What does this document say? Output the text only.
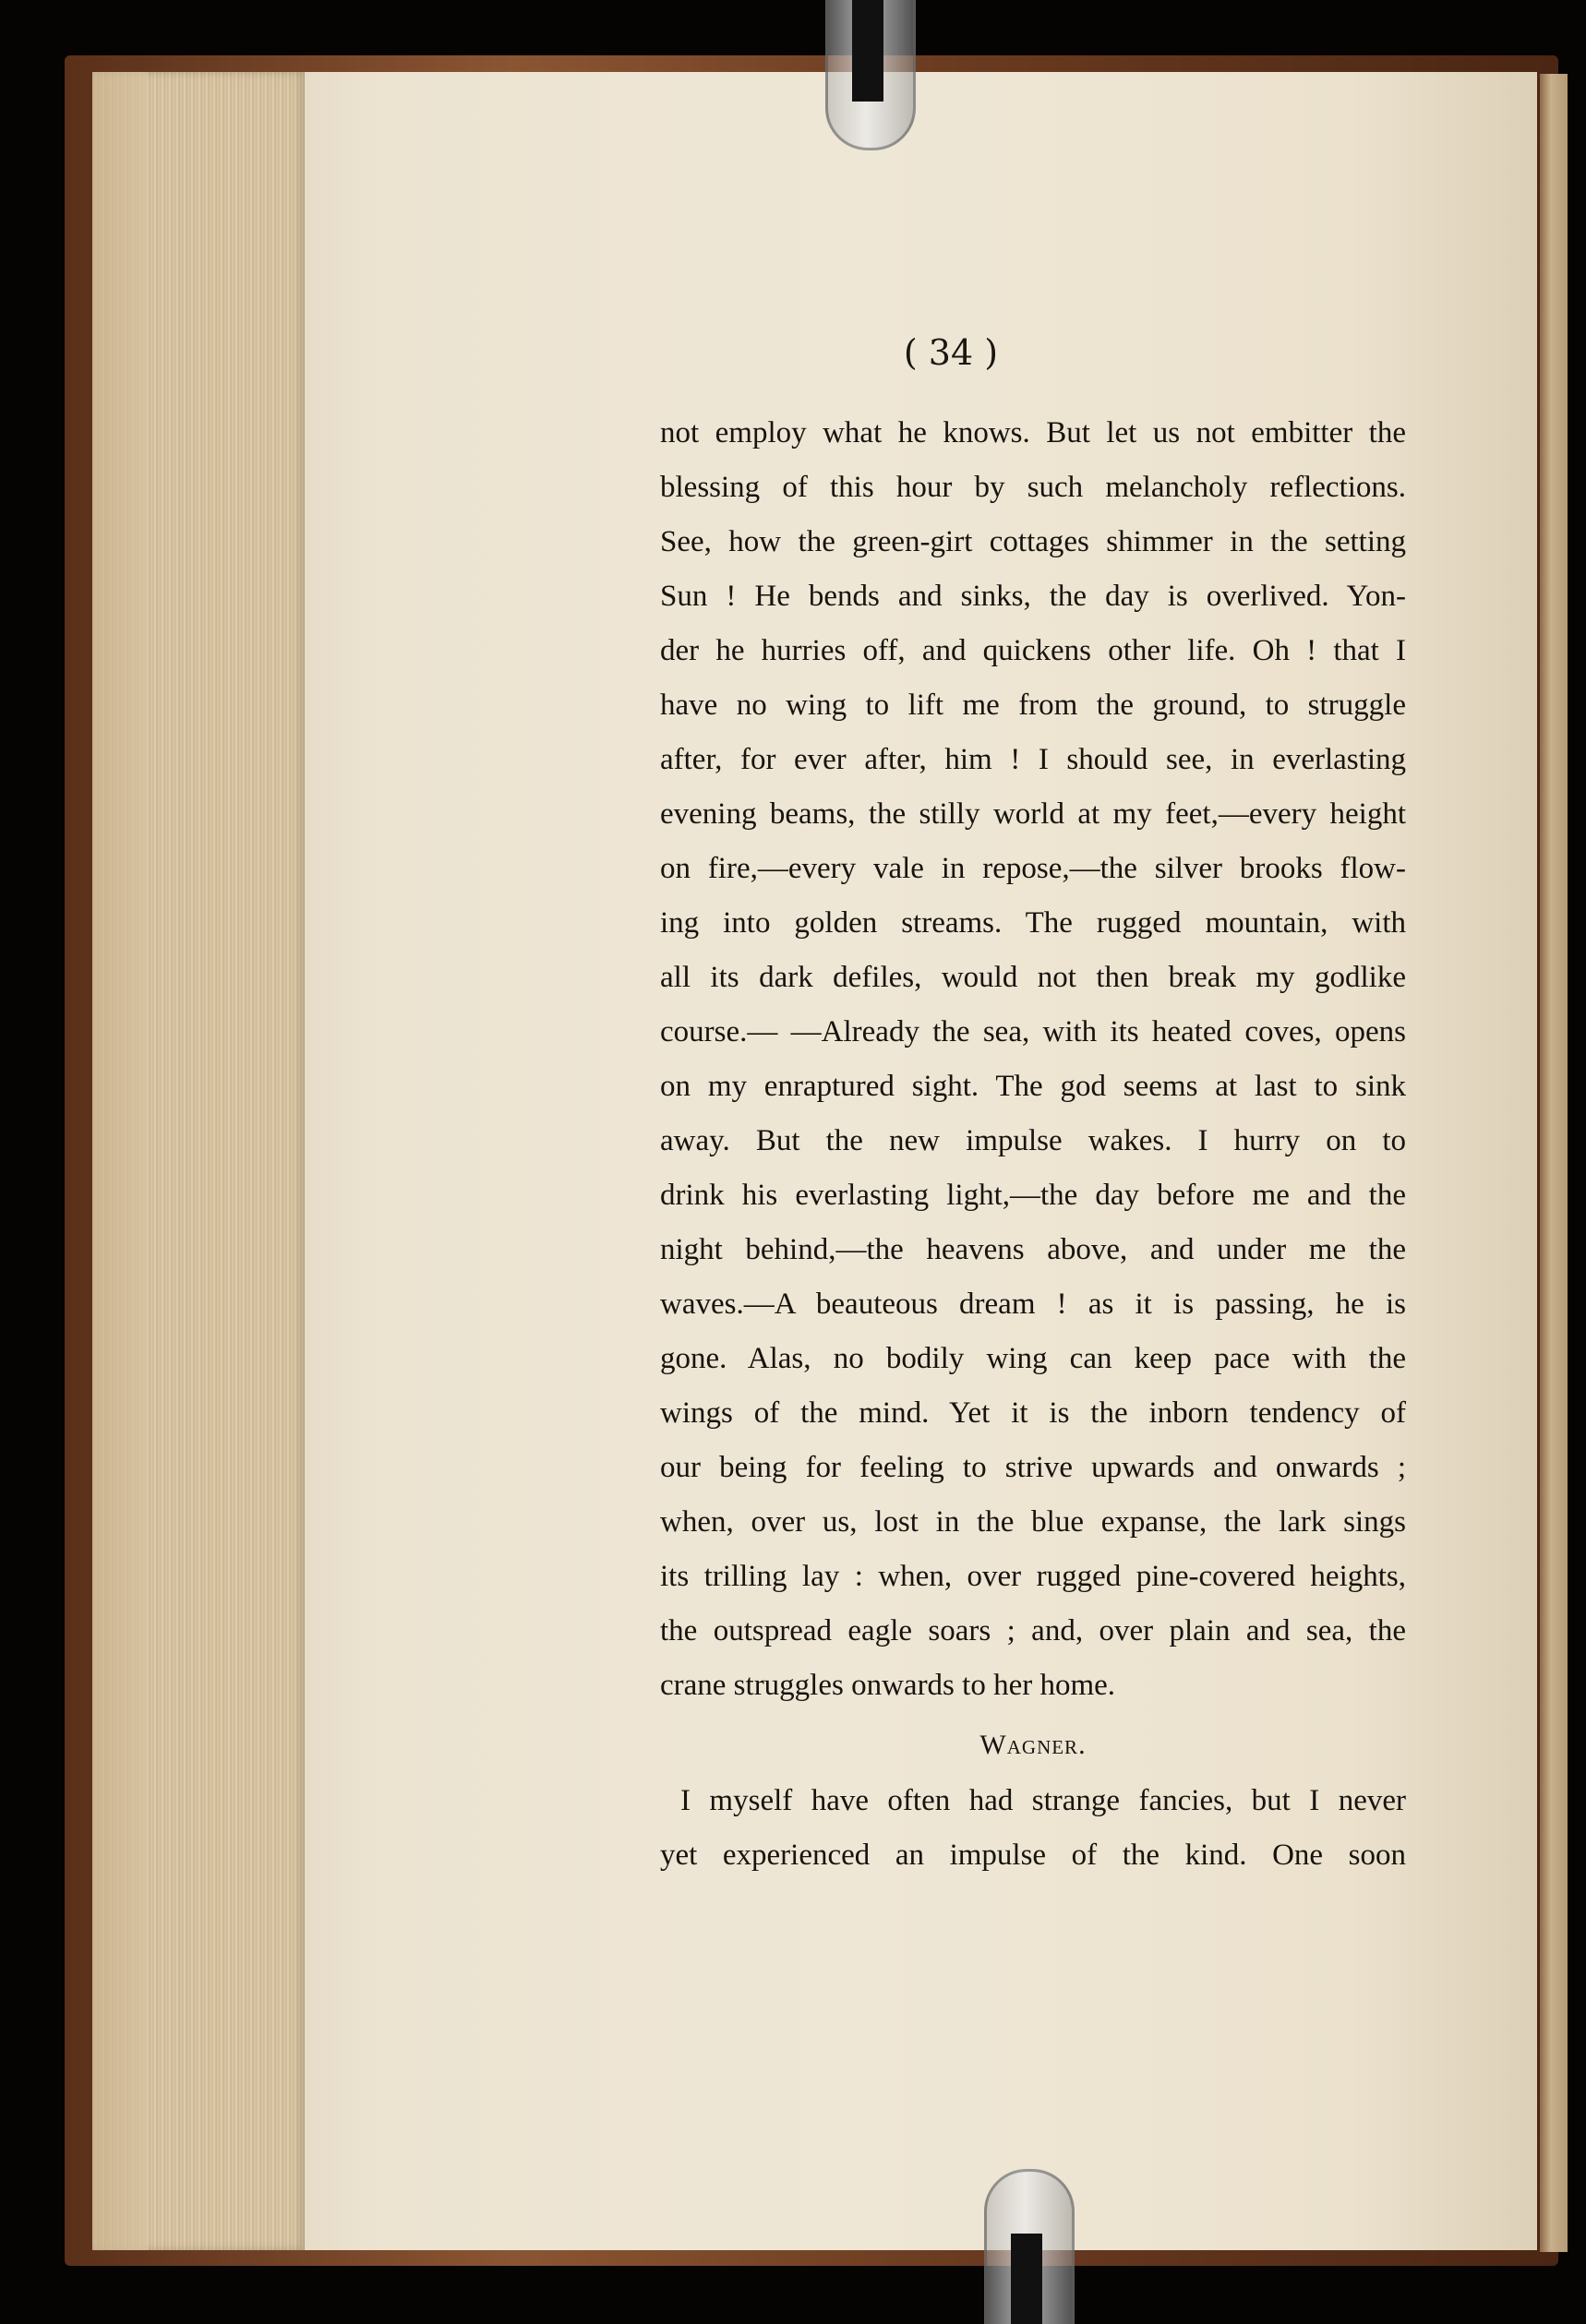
( 34 )
not employ what he knows. But let us not embitter the
blessing of this hour by such melancholy reflections.
See, how the green-girt cottages shimmer in the setting
Sun ! He bends and sinks, the day is overlived. Yon-
der he hurries off, and quickens other life. Oh ! that I
have no wing to lift me from the ground, to struggle
after, for ever after, him ! I should see, in everlasting
evening beams, the stilly world at my feet,—every height
on fire,—every vale in repose,—the silver brooks flow-
ing into golden streams. The rugged mountain, with
all its dark defiles, would not then break my godlike
course.— —Already the sea, with its heated coves, opens
on my enraptured sight. The god seems at last to sink
away. But the new impulse wakes. I hurry on to
drink his everlasting light,—the day before me and the
night behind,—the heavens above, and under me the
waves.—A beauteous dream ! as it is passing, he is
gone. Alas, no bodily wing can keep pace with the
wings of the mind. Yet it is the inborn tendency of
our being for feeling to strive upwards and onwards ;
when, over us, lost in the blue expanse, the lark sings
its trilling lay : when, over rugged pine-covered heights,
the outspread eagle soars ; and, over plain and sea, the
crane struggles onwards to her home.
Wagner.
I myself have often had strange fancies, but I never
yet experienced an impulse of the kind. One soon
